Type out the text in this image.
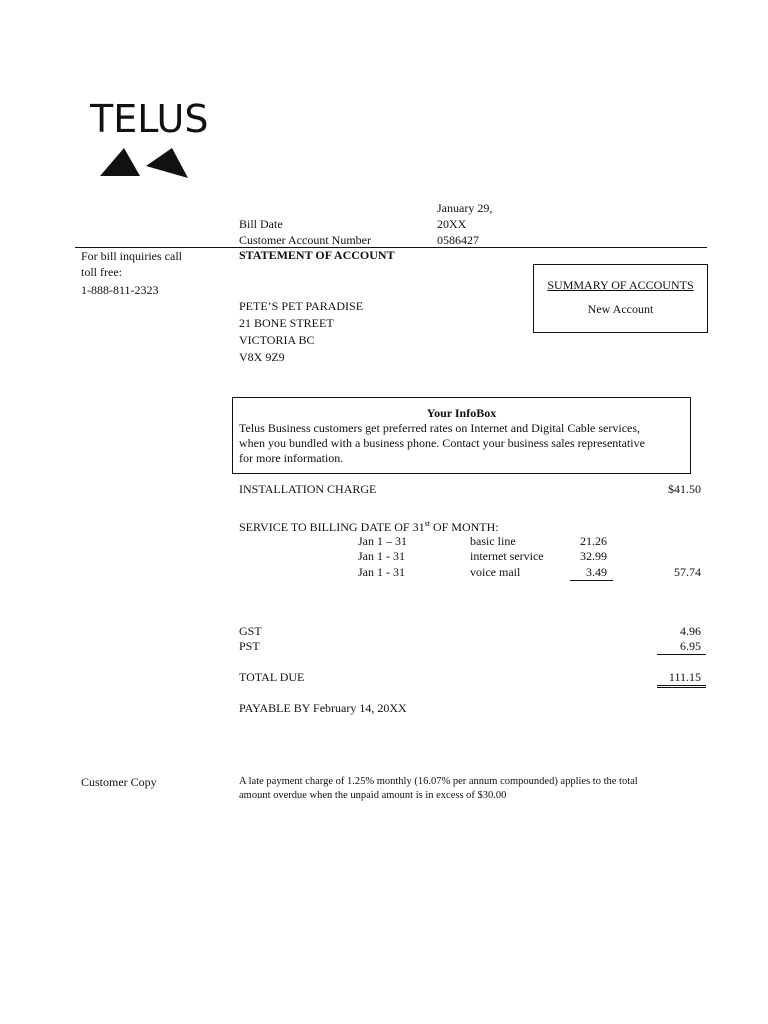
TELUS
January 29,
Bill Date	20XX
Customer Account Number	0586427
For bill inquiries call
toll free:
1-888-811-2323
STATEMENT OF ACCOUNT
SUMMARY OF ACCOUNTS
New Account
PETE’S PET PARADISE
21 BONE STREET
VICTORIA BC
V8X 9Z9
Your InfoBox
Telus Business customers get preferred rates on Internet and Digital Cable services,
when you bundled with a business phone. Contact your business sales representative
for more information.
INSTALLATION CHARGE	$41.50
SERVICE TO BILLING DATE OF 31st OF MONTH:
Jan 1 – 31	basic line	21.26
Jan 1 - 31	internet service	32.99
Jan 1 - 31	voice mail	3.49	57.74
GST	4.96
PST	6.95
TOTAL DUE	111.15
PAYABLE BY February 14, 20XX
Customer Copy	A late payment charge of 1.25% monthly (16.07% per annum compounded) applies to the total
amount overdue when the unpaid amount is in excess of $30.00
